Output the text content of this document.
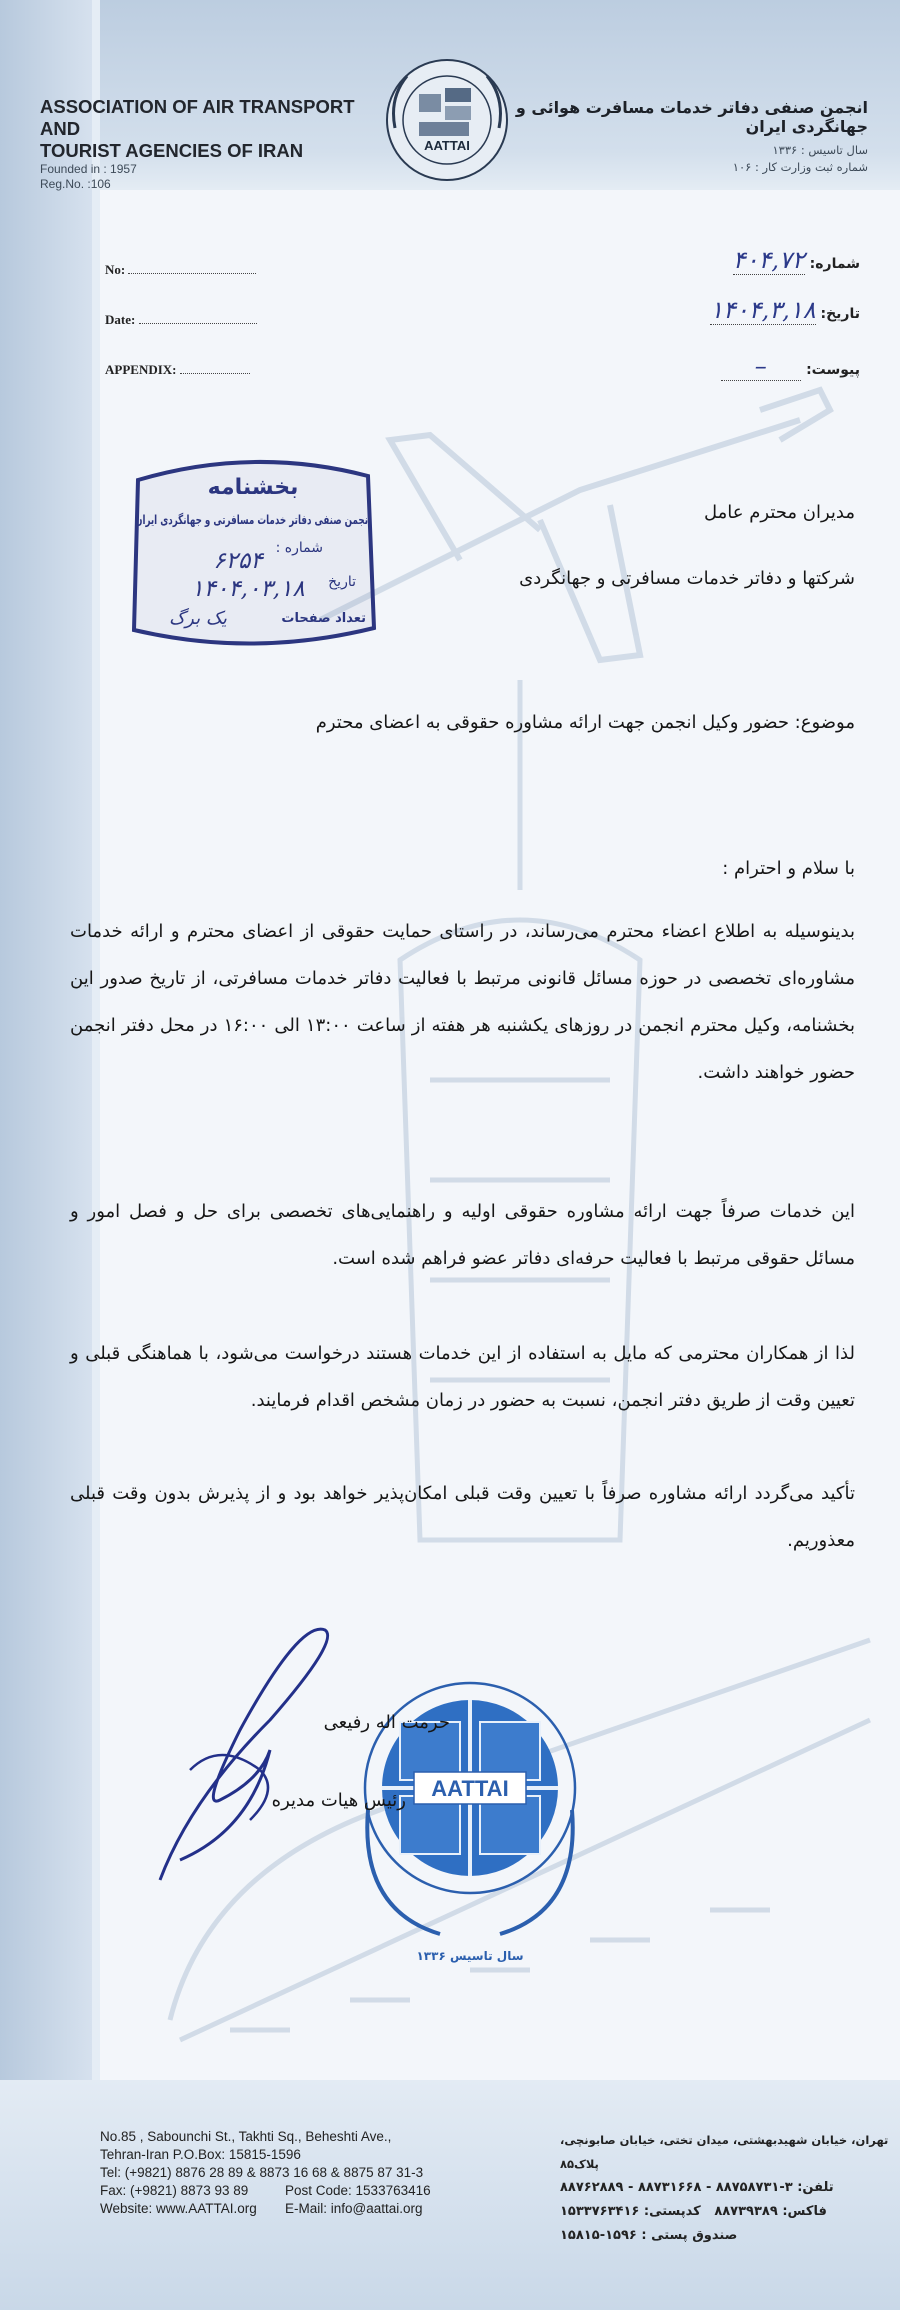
ASSOCIATION OF AIR TRANSPORT AND
TOURIST AGENCIES OF IRAN
Founded in : 1957
Reg.No. :106
AATTAI
انجمن صنفی دفاتر خدمات مسافرت هوائی و جهانگردی ایران
سال تاسیس : ۱۳۳۶
شماره ثبت وزارت کار : ۱۰۶
No:
Date:
APPENDIX:
شماره: ۴۰۴,۷۲
تاریخ: ۱۴۰۴,۳,۱۸
پیوست: –
بخشنامه
انجمن صنفی دفاتر خدمات مسافرتی و جهانگردی ایران
شماره :
۶۲۵۴
تاریخ
۱۴۰۴,۰۳,۱۸
تعداد صفحات
یک برگ
مدیران محترم عامل
شرکتها و دفاتر خدمات مسافرتی و جهانگردی
موضوع: حضور وکیل انجمن جهت ارائه مشاوره حقوقی به اعضای محترم
با سلام و احترام :
بدینوسیله به اطلاع اعضاء محترم می‌رساند، در راستای حمایت حقوقی از اعضای محترم و ارائه خدمات مشاوره‌ای تخصصی در حوزه مسائل قانونی مرتبط با فعالیت دفاتر خدمات مسافرتی، از تاریخ صدور این بخشنامه، وکیل محترم انجمن در روزهای یکشنبه هر هفته از ساعت ۱۳:۰۰ الی ۱۶:۰۰ در محل دفتر انجمن حضور خواهند داشت.
این خدمات صرفاً جهت ارائه مشاوره حقوقی اولیه و راهنمایی‌های تخصصی برای حل و فصل امور و مسائل حقوقی مرتبط با فعالیت حرفه‌ای دفاتر عضو فراهم شده است.
لذا از همکاران محترمی که مایل به استفاده از این خدمات هستند درخواست می‌شود، با هماهنگی قبلی و تعیین وقت از طریق دفتر انجمن، نسبت به حضور در زمان مشخص اقدام فرمایند.
تأکید می‌گردد ارائه مشاوره صرفاً با تعیین وقت قبلی امکان‌پذیر خواهد بود و از پذیرش بدون وقت قبلی معذوریم.
AATTAI
سال تاسیس ۱۳۳۶
حرمت اله رفیعی
رئیس هیات مدیره
No.85 , Sabounchi St., Takhti Sq., Beheshti Ave.,
Tehran-Iran P.O.Box: 15815-1596
Tel: (+9821) 8876 28 89 & 8873 16 68 & 8875 87 31-3
Fax: (+9821) 8873 93 89	Post Code: 1533763416
Website: www.AATTAI.org	E-Mail: info@aattai.org
تهران، خیابان شهیدبهشتی، میدان تختی، خیابان صابونچی، پلاک۸۵
تلفن: ۳-۸۸۷۵۸۷۳۱ - ۸۸۷۳۱۶۶۸ - ۸۸۷۶۲۸۸۹
فاکس: ۸۸۷۳۹۳۸۹   کدپستی: ۱۵۳۳۷۶۳۴۱۶
صندوق پستی : ۱۵۹۶-۱۵۸۱۵
